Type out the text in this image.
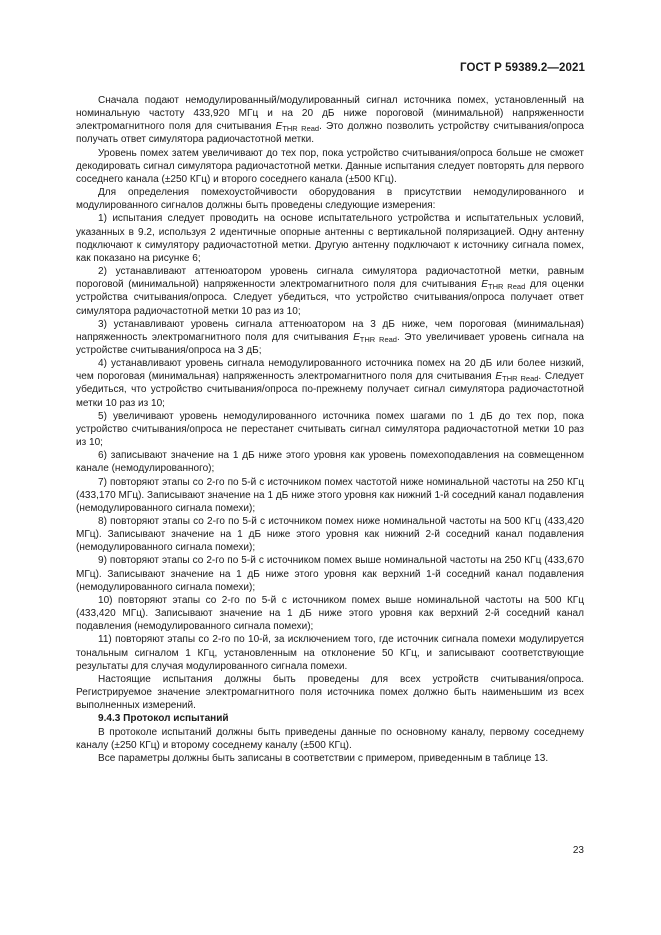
ГОСТ Р 59389.2—2021

Сначала подают немодулированный/модулированный сигнал источника помех, установленный на номинальную частоту 433,920 МГц и на 20 дБ ниже пороговой (минимальной) напряженности электромагнитного поля для считывания $E_{THR Read}$. Это должно позволить устройству считывания/опроса получать ответ симулятора радиочастотной метки.

Уровень помех затем увеличивают до тех пор, пока устройство считывания/опроса больше не сможет декодировать сигнал симулятора радиочастотной метки. Данные испытания следует повторять для первого соседнего канала (±250 КГц) и второго соседнего канала (±500 КГц).

Для определения помехоустойчивости оборудования в присутствии немодулированного и модулированного сигналов должны быть проведены следующие измерения:

1) испытания следует проводить на основе испытательного устройства и испытательных условий, указанных в 9.2, используя 2 идентичные опорные антенны с вертикальной поляризацией. Одну антенну подключают к симулятору радиочастотной метки. Другую антенну подключают к источнику сигнала помех, как показано на рисунке 6;

2) устанавливают аттенюатором уровень сигнала симулятора радиочастотной метки, равным пороговой (минимальной) напряженности электромагнитного поля для считывания $E_{THR Read}$ для оценки устройства считывания/опроса. Следует убедиться, что устройство считывания/опроса получает ответ симулятора радиочастотной метки 10 раз из 10;

3) устанавливают уровень сигнала аттенюатором на 3 дБ ниже, чем пороговая (минимальная) напряженность электромагнитного поля для считывания $E_{THR Read}$. Это увеличивает уровень сигнала на устройстве считывания/опроса на 3 дБ;

4) устанавливают уровень сигнала немодулированного источника помех на 20 дБ или более низкий, чем пороговая (минимальная) напряженность электромагнитного поля для считывания $E_{THR Read}$. Следует убедиться, что устройство считывания/опроса по-прежнему получает сигнал симулятора радиочастотной метки 10 раз из 10;

5) увеличивают уровень немодулированного источника помех шагами по 1 дБ до тех пор, пока устройство считывания/опроса не перестанет считывать сигнал симулятора радиочастотной метки 10 раз из 10;

6) записывают значение на 1 дБ ниже этого уровня как уровень помехоподавления на совмещенном канале (немодулированного);

7) повторяют этапы со 2-го по 5-й с источником помех частотой ниже номинальной частоты на 250 КГц (433,170 МГц). Записывают значение на 1 дБ ниже этого уровня как нижний 1-й соседний канал подавления (немодулированного сигнала помехи);

8) повторяют этапы со 2-го по 5-й с источником помех ниже номинальной частоты на 500 КГц (433,420 МГц). Записывают значение на 1 дБ ниже этого уровня как нижний 2-й соседний канал подавления (немодулированного сигнала помехи);

9) повторяют этапы со 2-го по 5-й с источником помех выше номинальной частоты на 250 КГц (433,670 МГц). Записывают значение на 1 дБ ниже этого уровня как верхний 1-й соседний канал подавления (немодулированного сигнала помехи);

10) повторяют этапы со 2-го по 5-й с источником помех выше номинальной частоты на 500 КГц (433,420 МГц). Записывают значение на 1 дБ ниже этого уровня как верхний 2-й соседний канал подавления (немодулированного сигнала помехи);

11) повторяют этапы со 2-го по 10-й, за исключением того, где источник сигнала помехи модулируется тональным сигналом 1 КГц, установленным на отклонение 50 КГц, и записывают соответствующие результаты для случая модулированного сигнала помехи.

Настоящие испытания должны быть проведены для всех устройств считывания/опроса. Регистрируемое значение электромагнитного поля источника помех должно быть наименьшим из всех выполненных измерений.

9.4.3 Протокол испытаний

В протоколе испытаний должны быть приведены данные по основному каналу, первому соседнему каналу (±250 КГц) и второму соседнему каналу (±500 КГц).

Все параметры должны быть записаны в соответствии с примером, приведенным в таблице 13.

23
